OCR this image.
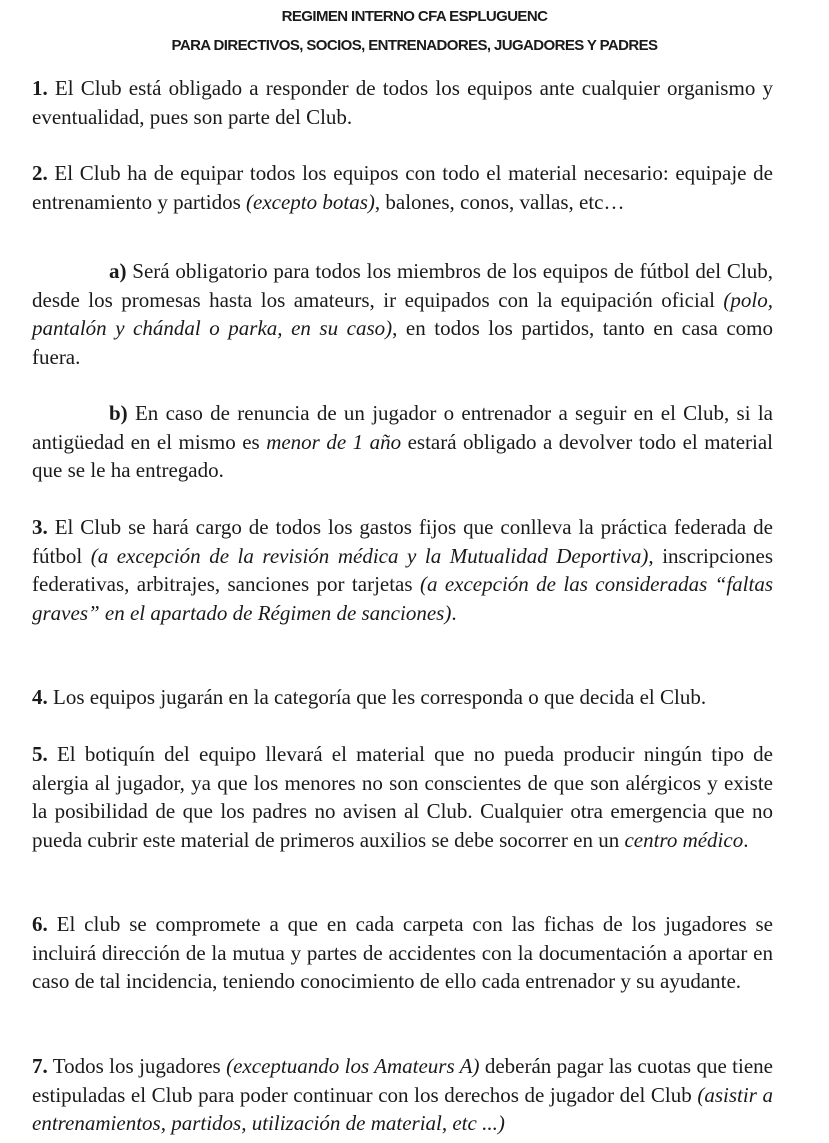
REGIMEN INTERNO CFA ESPLUGUENC
PARA DIRECTIVOS, SOCIOS, ENTRENADORES, JUGADORES Y PADRES

1. El Club está obligado a responder de todos los equipos ante cualquier organismo y eventualidad, pues son parte del Club.

2. El Club ha de equipar todos los equipos con todo el material necesario: equipaje de entrenamiento y partidos (excepto botas), balones, conos, vallas, etc…

a) Será obligatorio para todos los miembros de los equipos de fútbol del Club, desde los promesas hasta los amateurs, ir equipados con la equipación oficial (polo, pantalón y chándal o parka, en su caso), en todos los partidos, tanto en casa como fuera.

b) En caso de renuncia de un jugador o entrenador a seguir en el Club, si la antigüedad en el mismo es menor de 1 año estará obligado a devolver todo el material que se le ha entregado.

3. El Club se hará cargo de todos los gastos fijos que conlleva la práctica federada de fútbol (a excepción de la revisión médica y la Mutualidad Deportiva), inscripciones federativas, arbitrajes, sanciones por tarjetas (a excepción de las consideradas “faltas graves” en el apartado de Régimen de sanciones).

4. Los equipos jugarán en la categoría que les corresponda o que decida el Club.

5. El botiquín del equipo llevará el material que no pueda producir ningún tipo de alergia al jugador, ya que los menores no son conscientes de que son alérgicos y existe la posibilidad de que los padres no avisen al Club. Cualquier otra emergencia que no pueda cubrir este material de primeros auxilios se debe socorrer en un centro médico.

6. El club se compromete a que en cada carpeta con las fichas de los jugadores se incluirá dirección de la mutua y partes de accidentes con la documentación a aportar en caso de tal incidencia, teniendo conocimiento de ello cada entrenador y su ayudante.

7. Todos los jugadores (exceptuando los Amateurs A) deberán pagar las cuotas que tiene estipuladas el Club para poder continuar con los derechos de jugador del Club (asistir a entrenamientos, partidos, utilización de material, etc ...)
